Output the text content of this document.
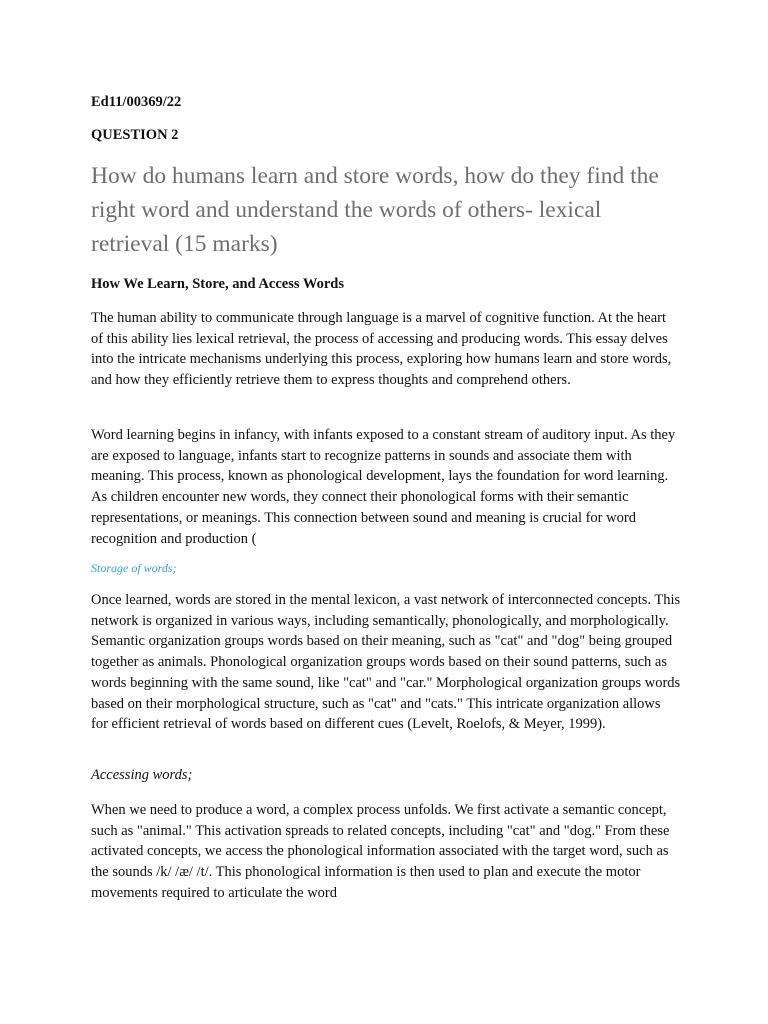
Ed11/00369/22

QUESTION 2

How do humans learn and store words, how do they find the right word and understand the words of others- lexical retrieval (15 marks)

How We Learn, Store, and Access Words

The human ability to communicate through language is a marvel of cognitive function. At the heart of this ability lies lexical retrieval, the process of accessing and producing words. This essay delves into the intricate mechanisms underlying this process, exploring how humans learn and store words, and how they efficiently retrieve them to express thoughts and comprehend others.

Word learning begins in infancy, with infants exposed to a constant stream of auditory input. As they are exposed to language, infants start to recognize patterns in sounds and associate them with meaning. This process, known as phonological development, lays the foundation for word learning. As children encounter new words, they connect their phonological forms with their semantic representations, or meanings. This connection between sound and meaning is crucial for word recognition and production (

Storage of words;

Once learned, words are stored in the mental lexicon, a vast network of interconnected concepts. This network is organized in various ways, including semantically, phonologically, and morphologically. Semantic organization groups words based on their meaning, such as "cat" and "dog" being grouped together as animals. Phonological organization groups words based on their sound patterns, such as words beginning with the same sound, like "cat" and "car." Morphological organization groups words based on their morphological structure, such as "cat" and "cats." This intricate organization allows for efficient retrieval of words based on different cues (Levelt, Roelofs, & Meyer, 1999).

Accessing words;

When we need to produce a word, a complex process unfolds. We first activate a semantic concept, such as "animal." This activation spreads to related concepts, including "cat" and "dog." From these activated concepts, we access the phonological information associated with the target word, such as the sounds /k/ /æ/ /t/. This phonological information is then used to plan and execute the motor movements required to articulate the word
